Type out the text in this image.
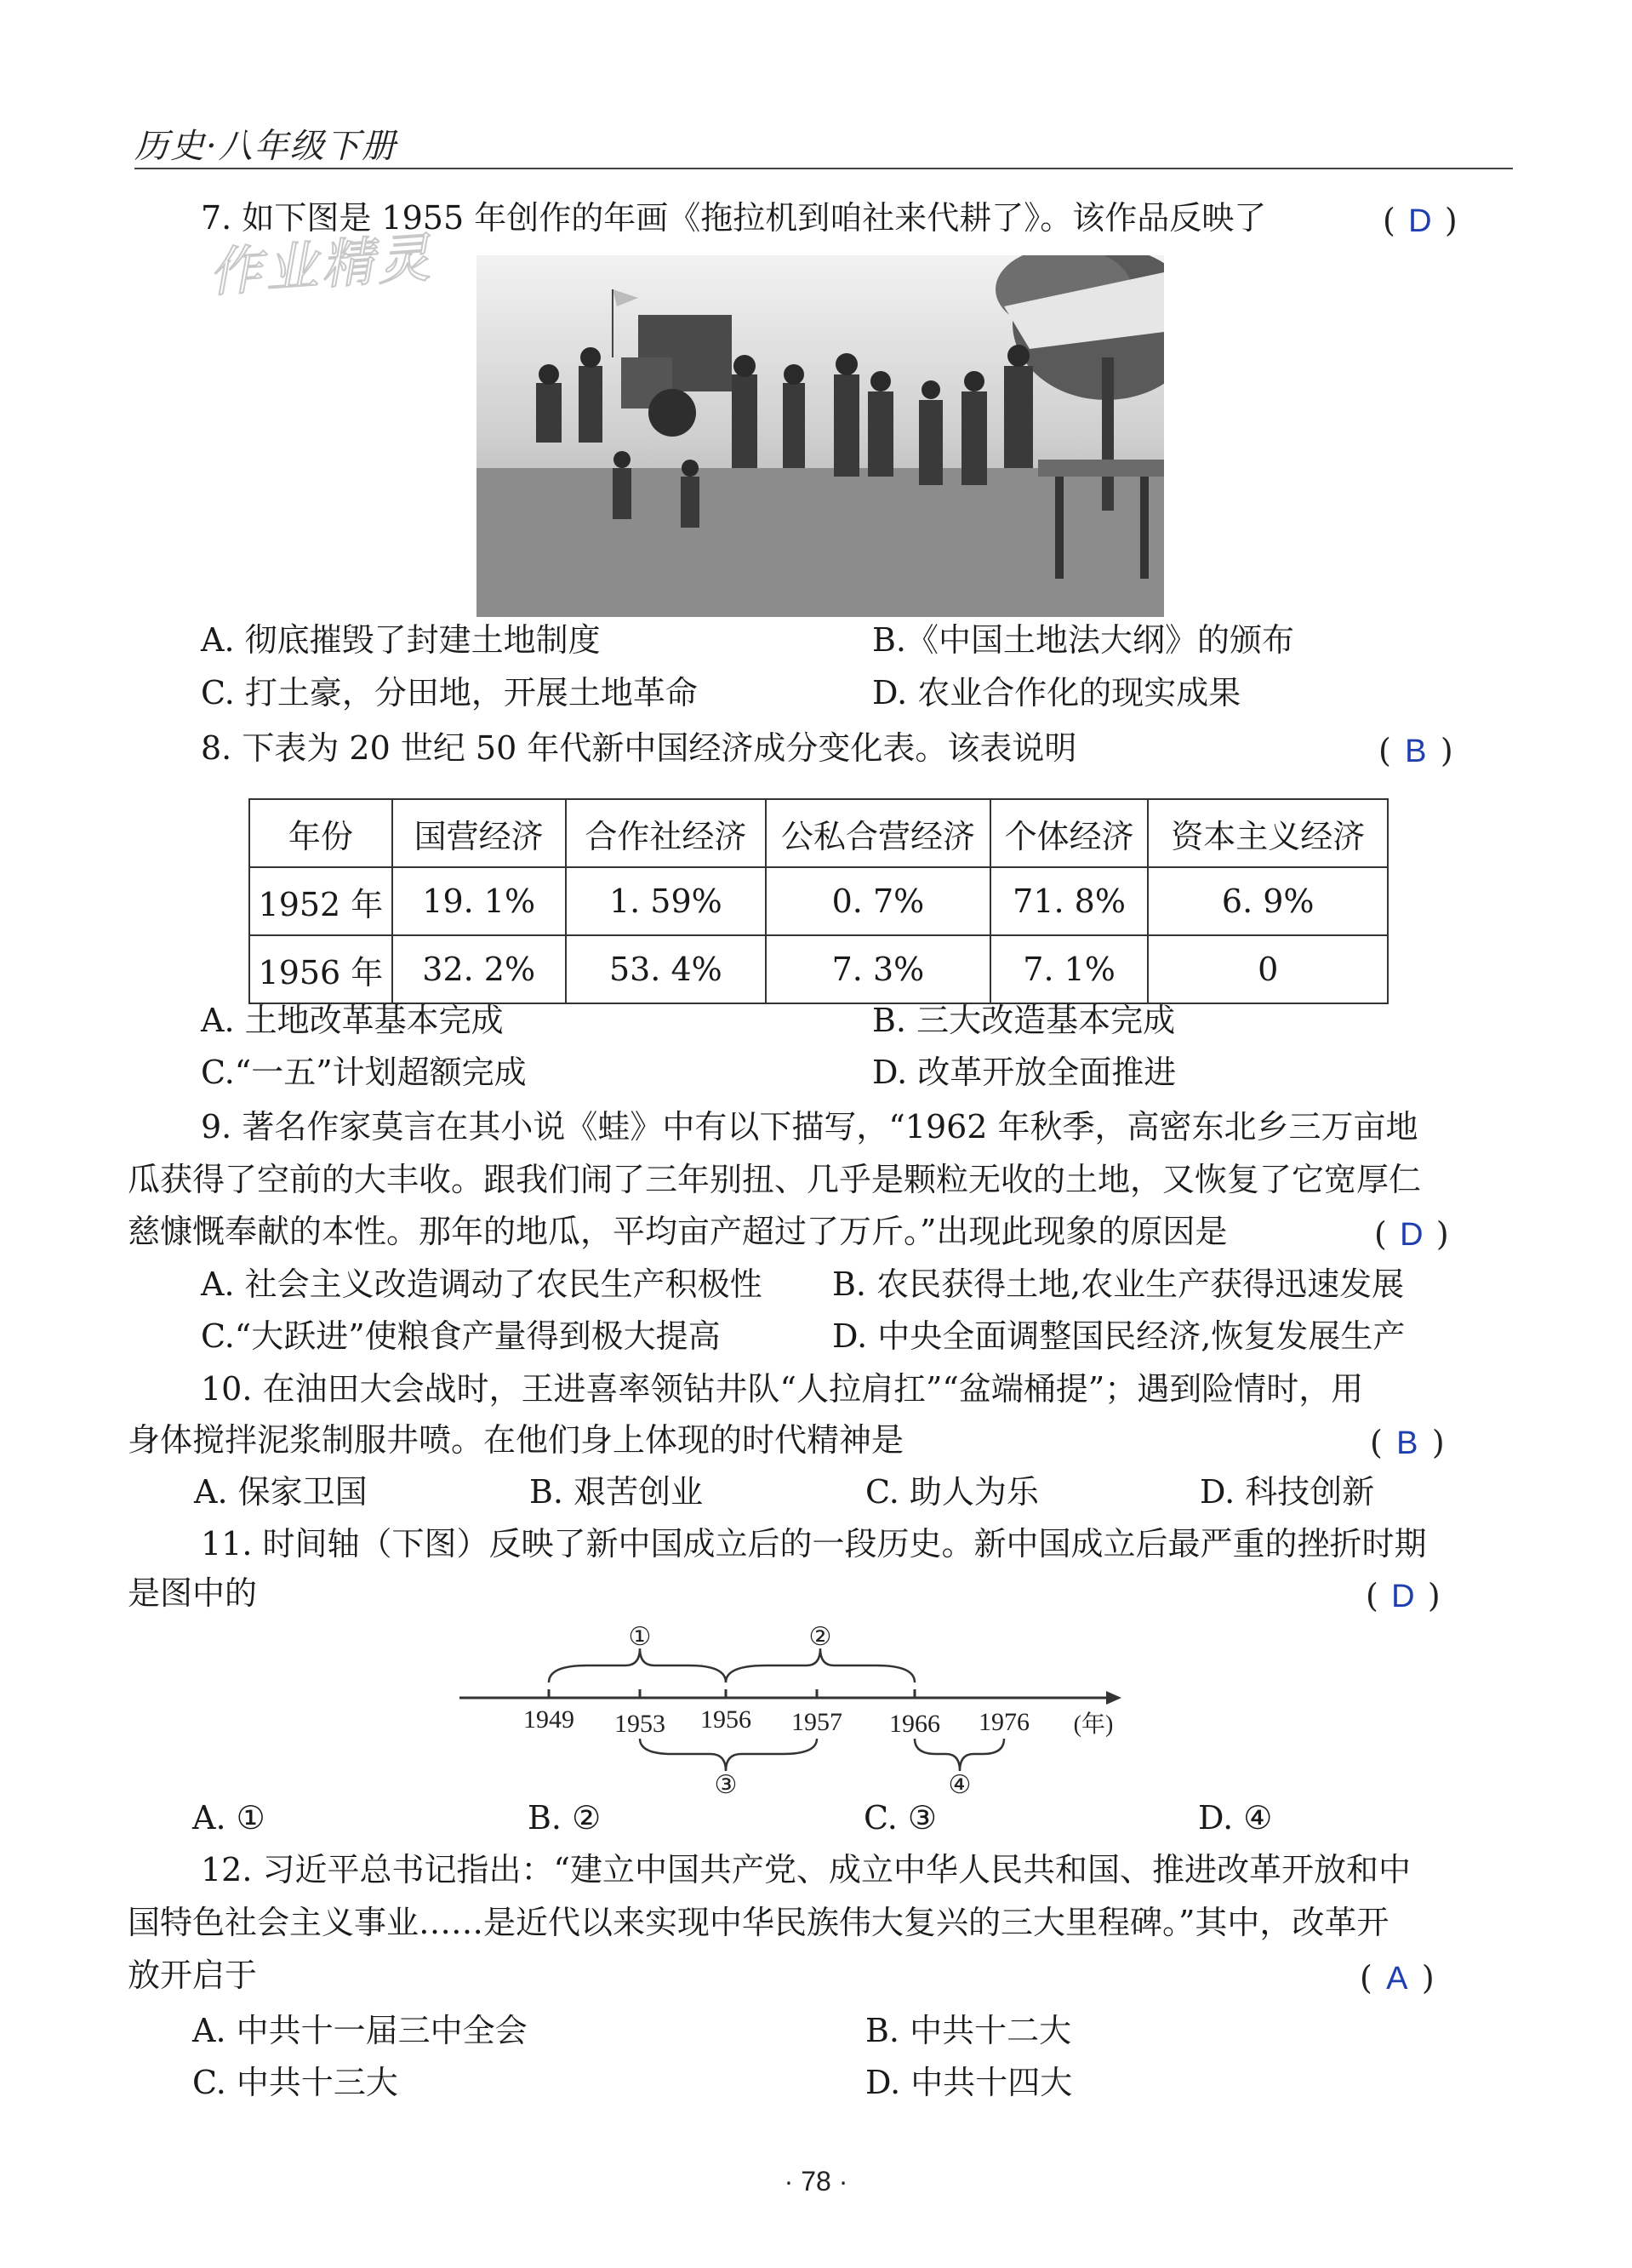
历史·八年级下册
作业精灵
7. 如下图是 1955 年创作的年画《拖拉机到咱社来代耕了》。该作品反映了	( D )
A. 彻底摧毁了封建土地制度	B.《中国土地法大纲》的颁布
C. 打土豪，分田地，开展土地革命	D. 农业合作化的现实成果
8. 下表为 20 世纪 50 年代新中国经济成分变化表。该表说明	( B )
年份	国营经济	合作社经济	公私合营经济	个体经济	资本主义经济
1952 年	19. 1%	1. 59%	0. 7%	71. 8%	6. 9%
1956 年	32. 2%	53. 4%	7. 3%	7. 1%	0
A. 土地改革基本完成	B. 三大改造基本完成
C.“一五”计划超额完成	D. 改革开放全面推进
9. 著名作家莫言在其小说《蛙》中有以下描写，“1962 年秋季，高密东北乡三万亩地
瓜获得了空前的大丰收。跟我们闹了三年别扭、几乎是颗粒无收的土地，又恢复了它宽厚仁
慈慷慨奉献的本性。那年的地瓜，平均亩产超过了万斤。”出现此现象的原因是	( D )
A. 社会主义改造调动了农民生产积极性 B. 农民获得土地,农业生产获得迅速发展
C.“大跃进”使粮食产量得到极大提高	D. 中央全面调整国民经济,恢复发展生产
10. 在油田大会战时，王进喜率领钻井队“人拉肩扛”“盆端桶提”；遇到险情时，用
身体搅拌泥浆制服井喷。在他们身上体现的时代精神是	( B )
A. 保家卫国	B. 艰苦创业	C. 助人为乐	D. 科技创新
11. 时间轴（下图）反映了新中国成立后的一段历史。新中国成立后最严重的挫折时期
是图中的	( D )
1949 1953 1956 1957 1966 1976 (年)
①	②
③	④
A. ①	B. ②	C. ③	D. ④
12. 习近平总书记指出：“建立中国共产党、成立中华人民共和国、推进改革开放和中
国特色社会主义事业……是近代以来实现中华民族伟大复兴的三大里程碑。”其中，改革开
放开启于	( A )
A. 中共十一届三中全会	B. 中共十二大
C. 中共十三大	D. 中共十四大
· 78 ·
